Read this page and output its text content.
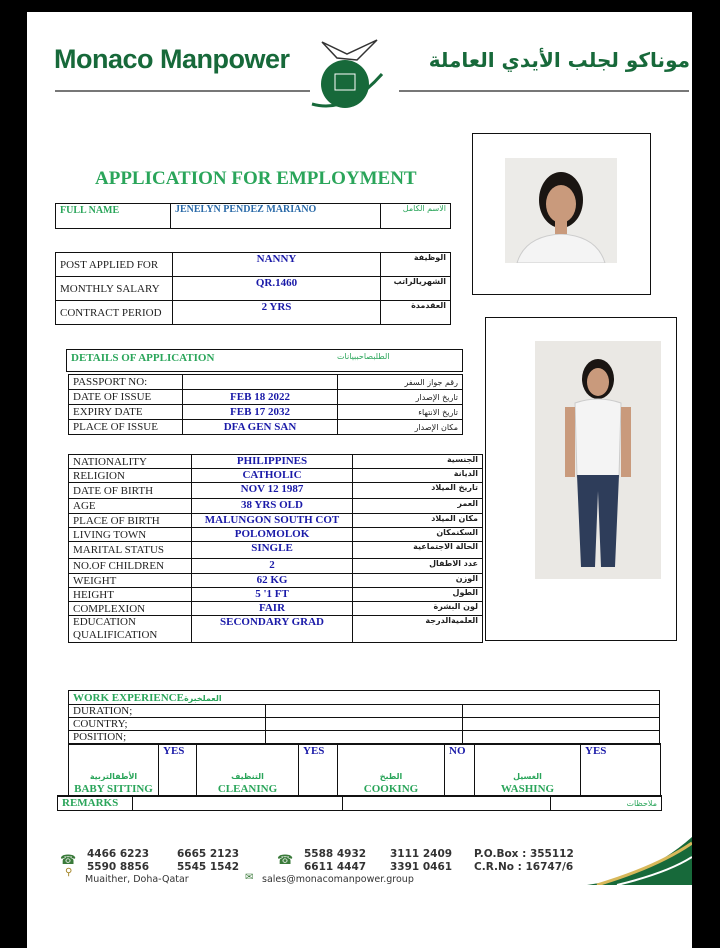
Monaco Manpower	موناكو لجلب الأيدي العاملة
APPLICATION FOR EMPLOYMENT
FULL NAME	JENELYN PENDEZ MARIANO	الاسم الكامل
POST APPLIED FOR	NANNY	الوظيفة
MONTHLY SALARY	QR.1460	الشهريالراتب
CONTRACT PERIOD	2 YRS	العقدمدة
DETAILS OF APPLICATION	الطلبصاحببيانات
PASSPORT NO:		رقم جواز السفر
DATE OF ISSUE	FEB 18 2022	تاريخ الإصدار
EXPIRY DATE	FEB 17 2032	تاريخ الانتهاء
PLACE OF ISSUE	DFA GEN SAN	مكان الإصدار
NATIONALITY	PHILIPPINES	الجنسية
RELIGION	CATHOLIC	الديانة
DATE OF BIRTH	NOV 12 1987	تاريخ الميلاد
AGE	38 YRS OLD	العمر
PLACE OF BIRTH	MALUNGON SOUTH COT	مكان الميلاد
LIVING TOWN	POLOMOLOK	السكنمكان
MARITAL STATUS	SINGLE	الحالة الاجتماعية
NO.OF CHILDREN	2	عدد الاطفال
WEIGHT	62 KG	الوزن
HEIGHT	5 '1 FT	الطول
COMPLEXION	FAIR	لون البشرة
EDUCATION QUALIFICATION	SECONDARY GRAD	العلميةالدرجة
WORK EXPERIENCEالعملخبرة		
DURATION;		
COUNTRY;		
POSITION;		
الأطفالتربية
BABY SITTING
	YES	
التنظيف
CLEANING
	YES	
الطبخ
COOKING
	NO	
الغسيل
WASHING
	YES
REMARKS			ملاحظات
☎ 4466 6223	6665 2123
5590 8856	5545 1542	☎ 5588 4932 3111 2409
6611 4447 3391 0461
P.O.Box : 355112
C.R.No : 16747/6
⚲
Muaither, Doha-Qatar	✉ sales@monacomanpower.group
